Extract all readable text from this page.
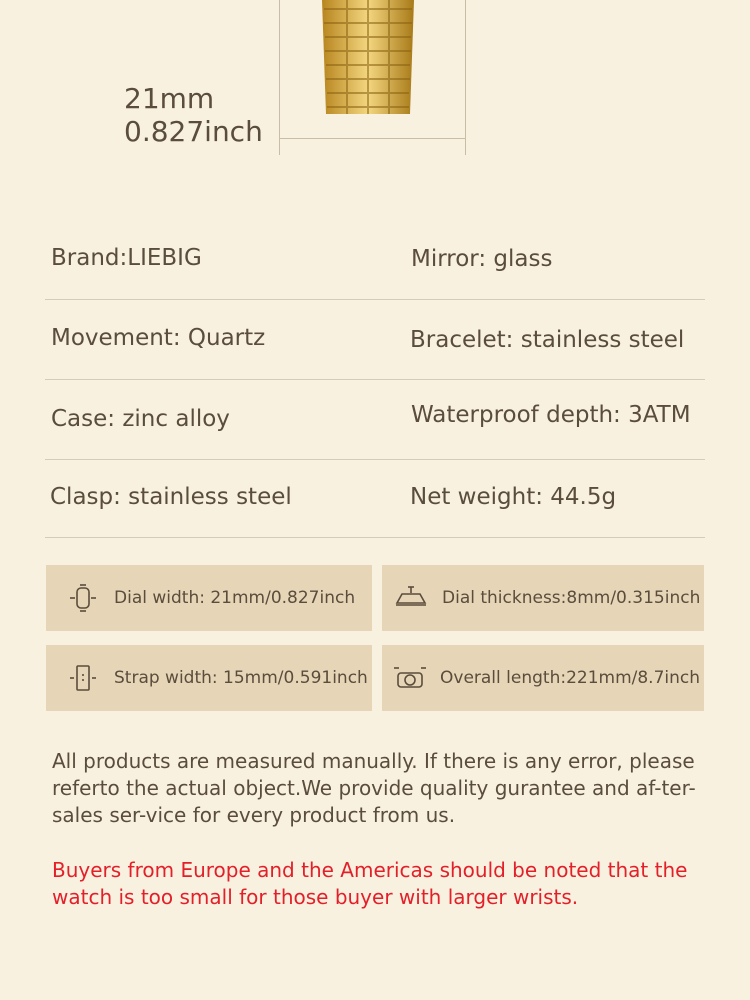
21mm
0.827inch
Brand:LIEBIG	Mirror: glass
Movement: Quartz	Bracelet: stainless steel
Case: zinc alloy	Waterproof depth: 3ATM
Clasp: stainless steel	Net weight: 44.5g
Dial width: 21mm/0.827inch	Dial thickness:8mm/0.315inch
Strap width: 15mm/0.591inch	Overall length:221mm/8.7inch
All products are measured manually. If there is any error, please referto the actual object.We provide quality gurantee and af-ter-sales ser-vice for every product from us.
Buyers from Europe and the Americas should be noted that the watch is too small for those buyer with larger wrists.
